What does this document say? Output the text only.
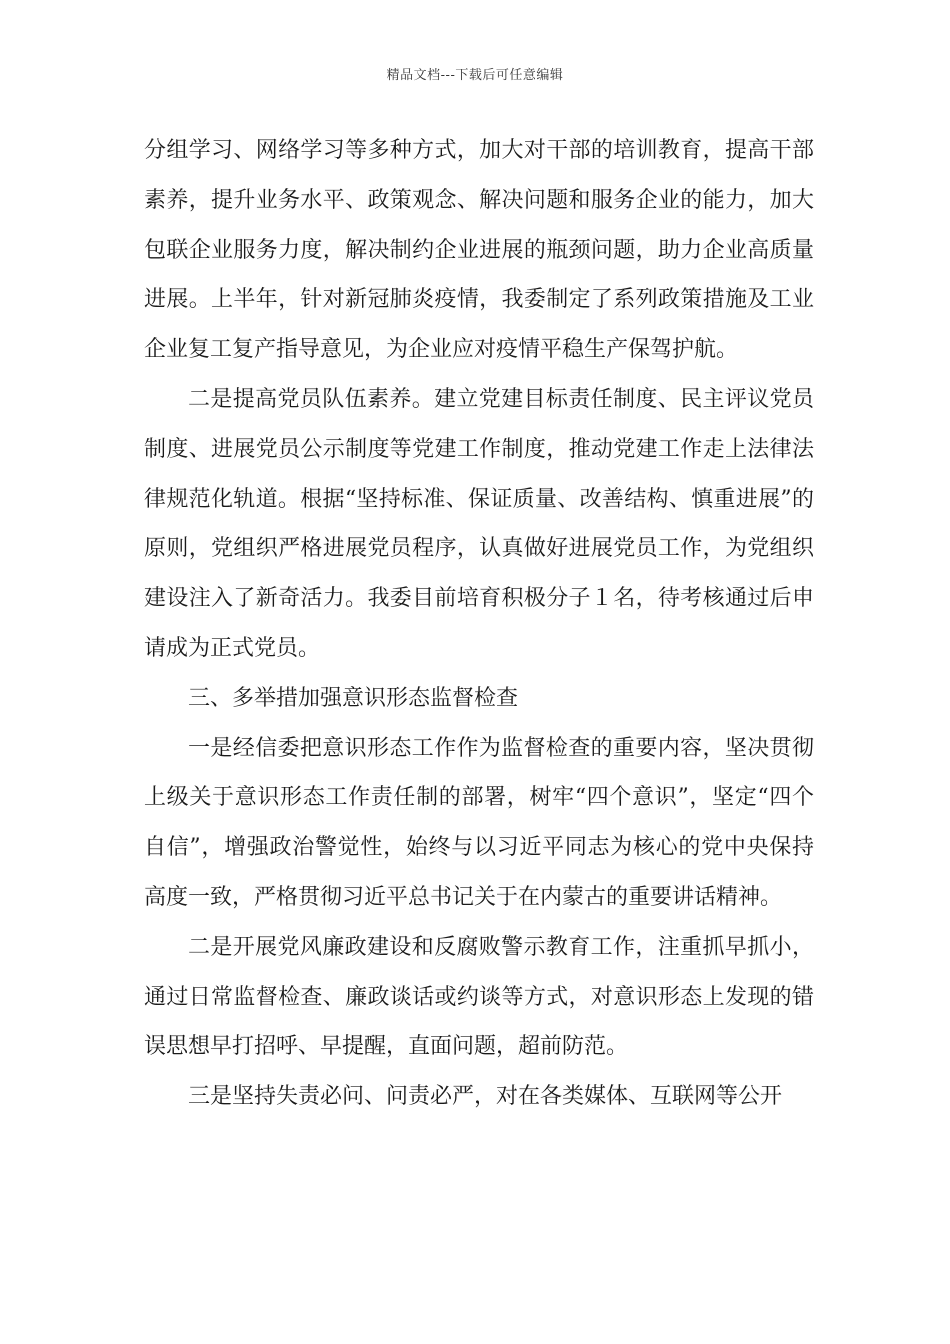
精品文档---下载后可任意编辑

分组学习、网络学习等多种方式，加大对干部的培训教育，提高干部素养，提升业务水平、政策观念、解决问题和服务企业的能力，加大包联企业服务力度，解决制约企业进展的瓶颈问题，助力企业高质量进展。上半年，针对新冠肺炎疫情，我委制定了系列政策措施及工业企业复工复产指导意见，为企业应对疫情平稳生产保驾护航。

二是提高党员队伍素养。建立党建目标责任制度、民主评议党员制度、进展党员公示制度等党建工作制度，推动党建工作走上法律法律规范化轨道。根据“坚持标准、保证质量、改善结构、慎重进展”的原则，党组织严格进展党员程序，认真做好进展党员工作，为党组织建设注入了新奇活力。我委目前培育积极分子１名，待考核通过后申请成为正式党员。

三、多举措加强意识形态监督检查

一是经信委把意识形态工作作为监督检查的重要内容，坚决贯彻上级关于意识形态工作责任制的部署，树牢“四个意识”，坚定“四个自信”，增强政治警觉性，始终与以习近平同志为核心的党中央保持高度一致，严格贯彻习近平总书记关于在内蒙古的重要讲话精神。

二是开展党风廉政建设和反腐败警示教育工作，注重抓早抓小，通过日常监督检查、廉政谈话或约谈等方式，对意识形态上发现的错误思想早打招呼、早提醒，直面问题，超前防范。

三是坚持失责必问、问责必严，对在各类媒体、互联网等公开
